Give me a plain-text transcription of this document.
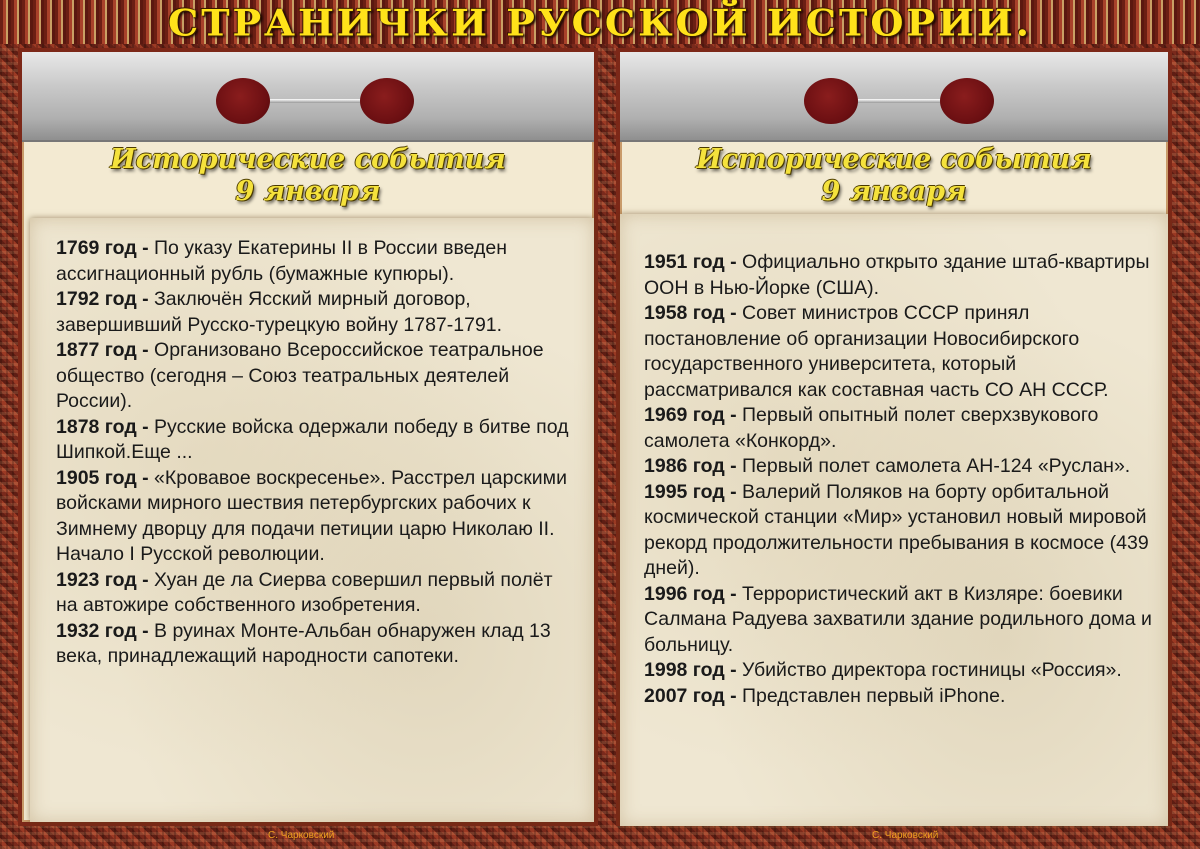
СТРАНИЧКИ РУССКОЙ ИСТОРИИ.
Исторические события
9 января
1769 год - По указу Екатерины II в России введен ассигнационный рубль (бумажные купюры).
1792 год - Заключён Ясский мирный договор, завершивший Русско-турецкую войну 1787-1791.
1877 год - Организовано Всероссийское театральное общество (сегодня – Союз театральных деятелей России).
1878 год - Русские войска одержали победу в битве под Шипкой.Еще ...
1905 год - «Кровавое воскресенье». Расстрел царскими войсками мирного шествия петербургских рабочих к Зимнему дворцу для подачи петиции царю Николаю II. Начало I Русской революции.
1923 год - Хуан де ла Сиерва совершил первый полёт на автожире собственного изобретения.
1932 год - В руинах Монте-Альбан обнаружен клад 13 века, принадлежащий народности сапотеки.
Исторические события
9 января
1951 год - Официально открыто здание штаб-квартиры ООН в Нью-Йорке (США).
1958 год - Совет министров СССР принял постановление об организации Новосибирского государственного университета, который рассматривался как составная часть СО АН СССР.
1969 год - Первый опытный полет сверхзвукового самолета «Конкорд».
1986 год - Первый полет самолета АН-124 «Руслан».
1995 год - Валерий Поляков на борту орбитальной космической станции «Мир» установил новый мировой рекорд продолжительности пребывания в космосе (439 дней).
1996 год - Террористический акт в Кизляре: боевики Салмана Радуева захватили здание родильного дома и больницу.
1998 год - Убийство директора гостиницы «Россия».
2007 год - Представлен первый iPhone.
С. Чарковский	С. Чарковский
